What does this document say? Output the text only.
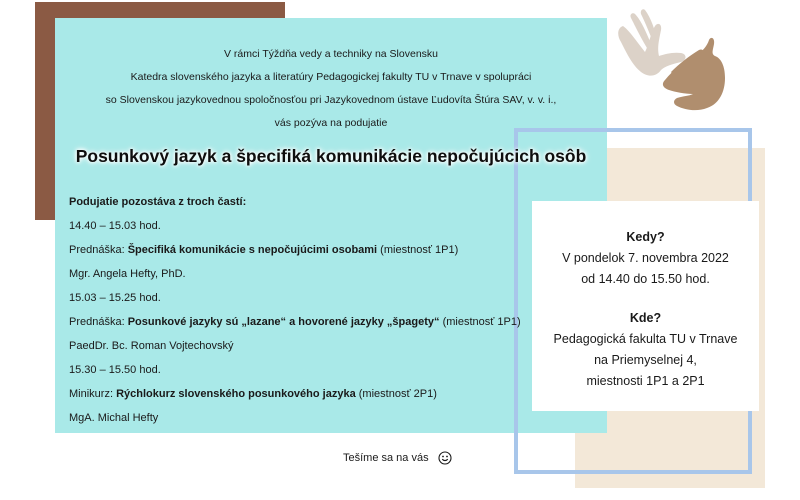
V rámci Týždňa vedy a techniky na Slovensku
Katedra slovenského jazyka a literatúry Pedagogickej fakulty TU v Trnave v spolupráci
so Slovenskou jazykovednou spoločnosťou pri Jazykovednom ústave Ľudovíta Štúra SAV, v. v. i.,
vás pozýva na podujatie
Posunkový jazyk a špecifiká komunikácie nepočujúcich osôb
Podujatie pozostáva z troch častí:
14.40 – 15.03 hod.
Prednáška: Špecifiká komunikácie s nepočujúcimi osobami (miestnosť 1P1)
Mgr. Angela Hefty, PhD.
15.03 – 15.25 hod.
Prednáška: Posunkové jazyky sú „lazane“ a hovorené jazyky „špagety“ (miestnosť 1P1)
PaedDr. Bc. Roman Vojtechovský
15.30 – 15.50 hod.
Minikurz: Rýchlokurz slovenského posunkového jazyka (miestnosť 2P1)
MgA. Michal Hefty
Kedy?
V pondelok 7. novembra 2022
od 14.40 do 15.50 hod.
Kde?
Pedagogická fakulta TU v Trnave
na Priemyselnej 4,
miestnosti 1P1 a 2P1
Tešíme sa na vás
